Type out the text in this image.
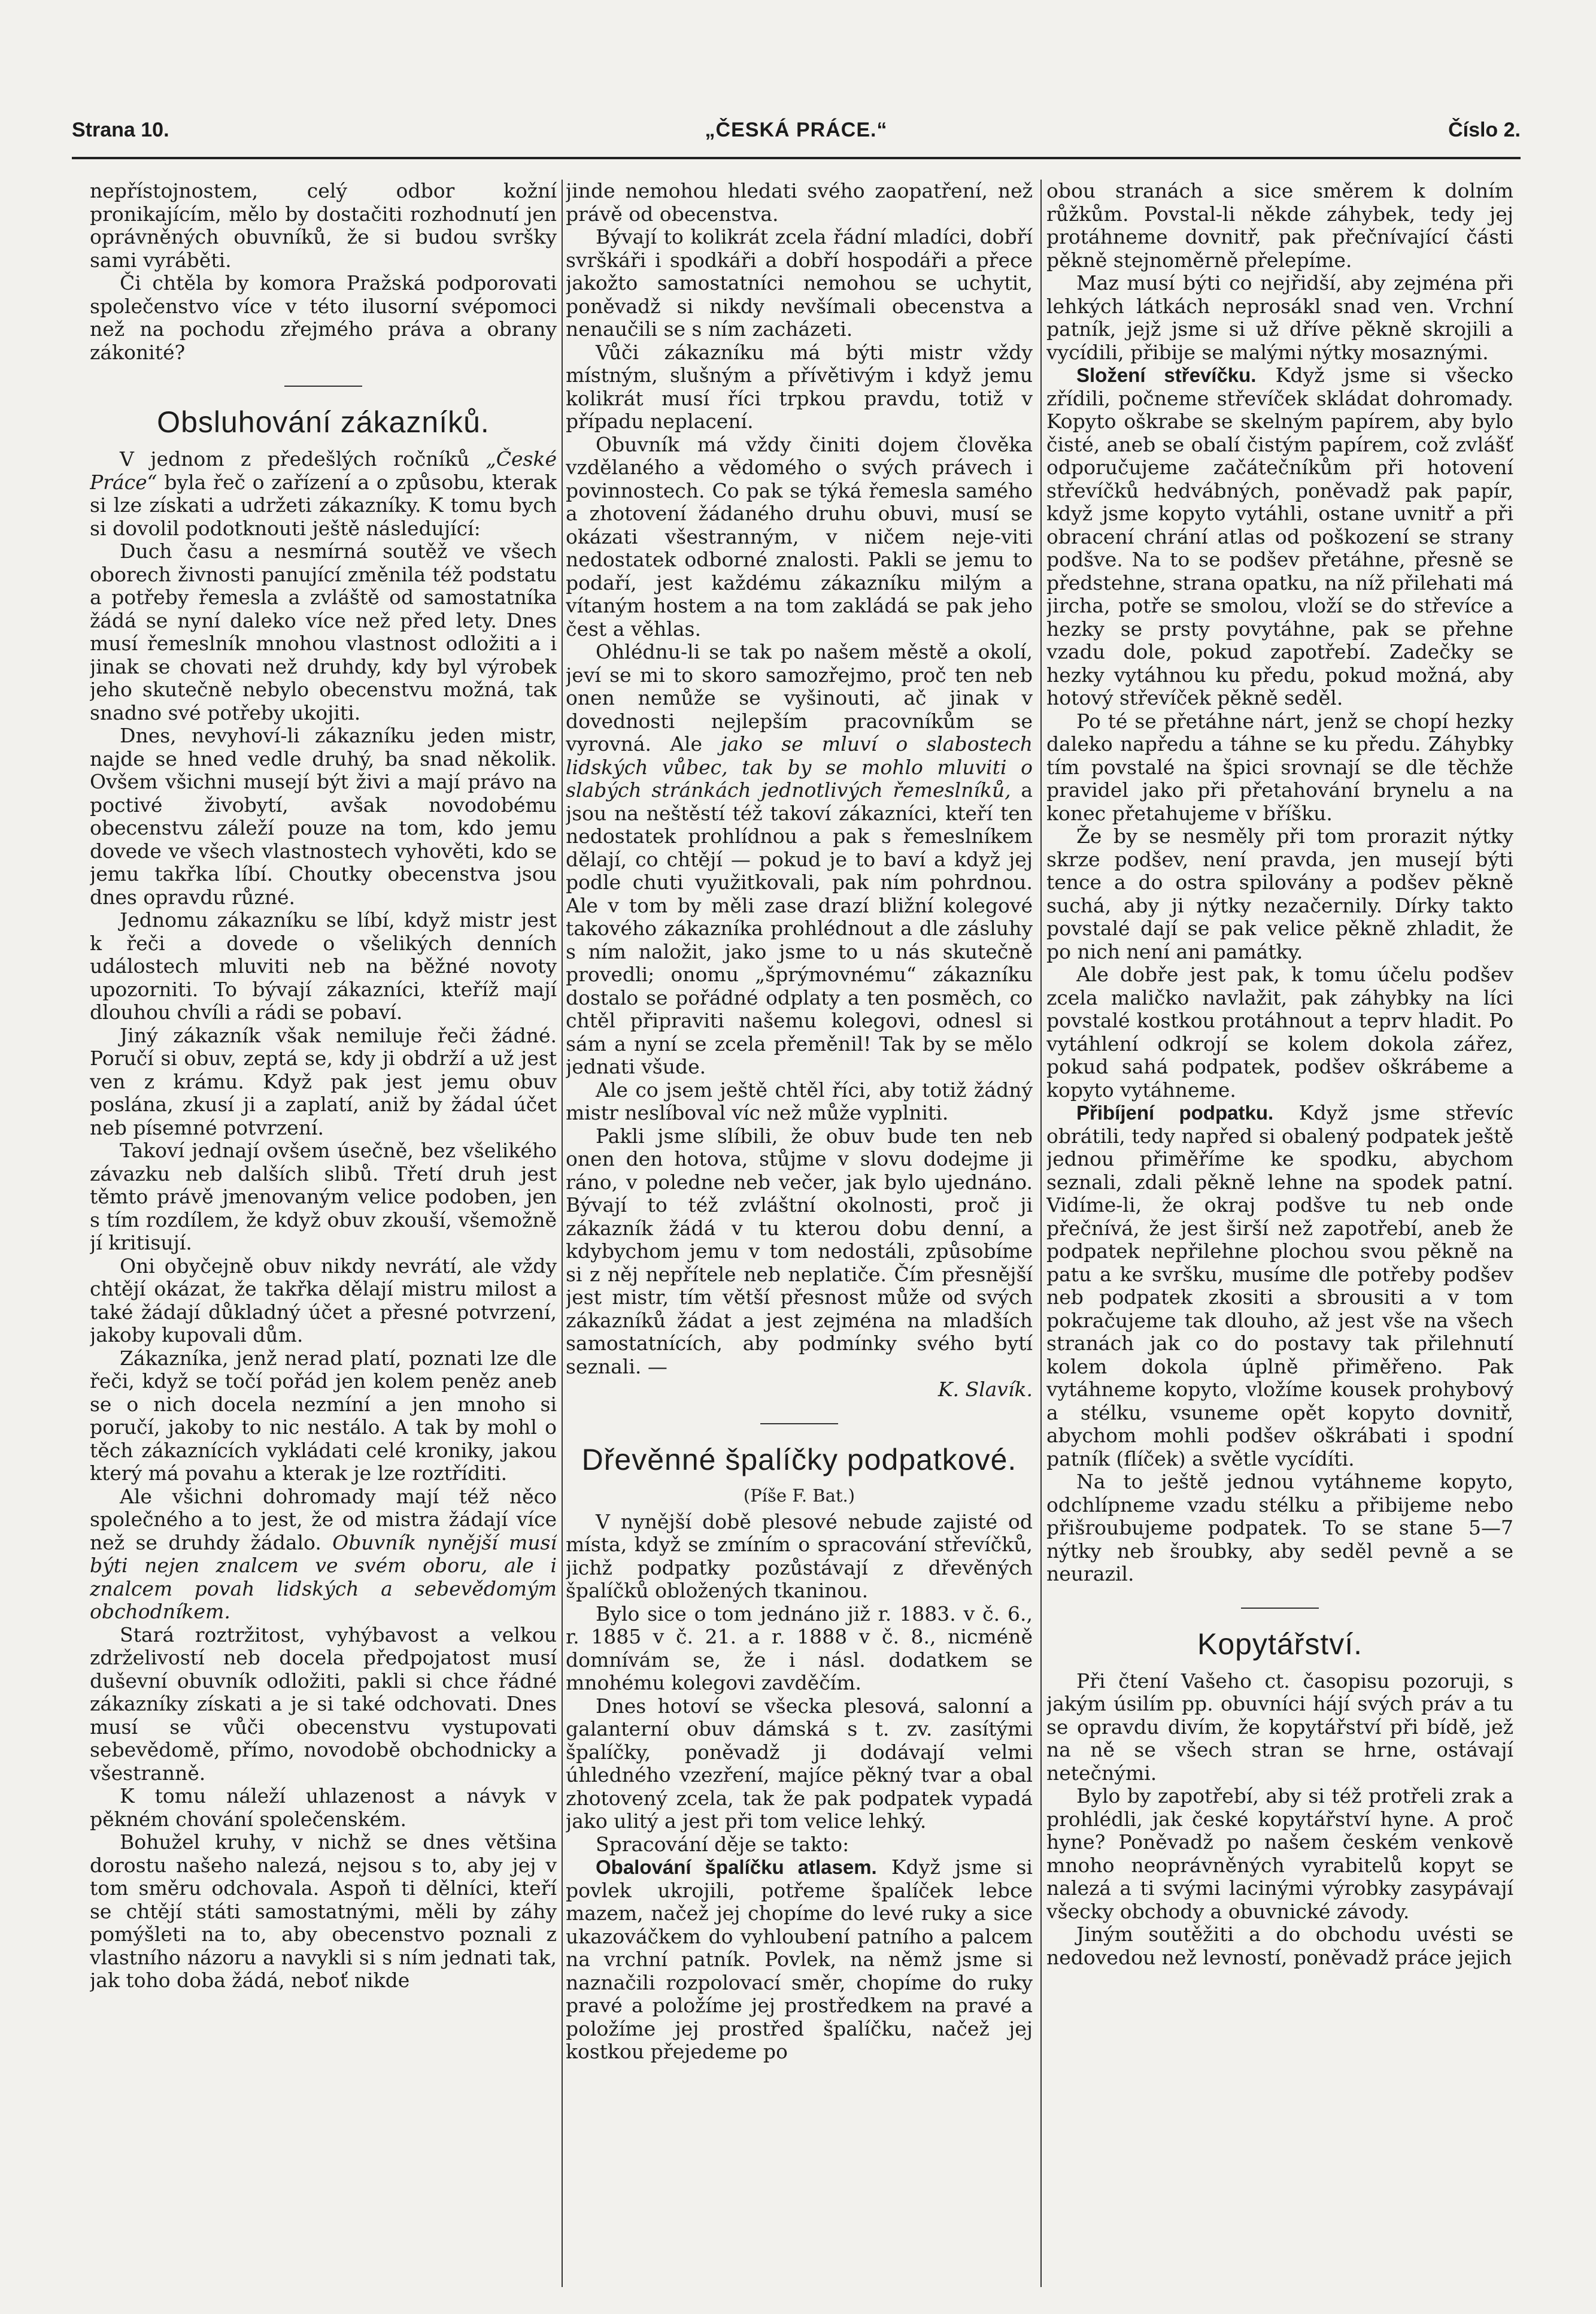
Strana 10.	„ČESKÁ PRÁCE.“	Číslo 2.

nepřístojnostem, celý odbor kožní pronikajícím, mělo by dostačiti rozhodnutí jen oprávněných obuvníků, že si budou svršky sami vyráběti.

Či chtěla by komora Pražská podporovati společenstvo více v této ilusorní svépomoci než na pochodu zřejmého práva a obrany zákonité?

Obsluhování zákazníků.

V jednom z předešlých ročníků „České Práce“ byla řeč o zařízení a o způsobu, kterak si lze získati a udržeti zákazníky. K tomu bych si dovolil podotknouti ještě následující:

Duch času a nesmírná soutěž ve všech oborech živnosti panující změnila též podstatu a potřeby řemesla a zvláště od samostatníka žádá se nyní daleko více než před lety. Dnes musí řemeslník mnohou vlastnost odložiti a i jinak se chovati než druhdy, kdy byl výrobek jeho skutečně nebylo obecenstvu možná, tak snadno své potřeby ukojiti.

Dnes, nevyhoví-li zákazníku jeden mistr, najde se hned vedle druhý, ba snad několik. Ovšem všichni musejí být živi a mají právo na poctivé živobytí, avšak novodobému obecenstvu záleží pouze na tom, kdo jemu dovede ve všech vlastnostech vyhověti, kdo se jemu takřka líbí. Choutky obecenstva jsou dnes opravdu různé.

Jednomu zákazníku se líbí, když mistr jest k řeči a dovede o všelikých denních událostech mluviti neb na běžné novoty upozorniti. To bývají zákazníci, kteříž mají dlouhou chvíli a rádi se pobaví.

Jiný zákazník však nemiluje řeči žádné. Poručí si obuv, zeptá se, kdy ji obdrží a už jest ven z krámu. Když pak jest jemu obuv poslána, zkusí ji a zaplatí, aniž by žádal účet neb písemné potvrzení.

Takoví jednají ovšem úsečně, bez všelikého závazku neb dalších slibů. Třetí druh jest těmto právě jmenovaným velice podoben, jen s tím rozdílem, že když obuv zkouší, všemožně jí kritisují.

Oni obyčejně obuv nikdy nevrátí, ale vždy chtějí okázat, že takřka dělají mistru milost a také žádají důkladný účet a přesné potvrzení, jakoby kupovali dům.

Zákazníka, jenž nerad platí, poznati lze dle řeči, když se točí pořád jen kolem peněz aneb se o nich docela nezmíní a jen mnoho si poručí, jakoby to nic nestálo. A tak by mohl o těch zákaznících vykládati celé kroniky, jakou který má povahu a kterak je lze roztříditi.

Ale všichni dohromady mají též něco společného a to jest, že od mistra žádají více než se druhdy žádalo. Obuvník nynější musí býti nejen znalcem ve svém oboru, ale i znalcem povah lidských a sebevědomým obchodníkem.

Stará roztržitost, vyhýbavost a velkou zdrželivostí neb docela předpojatost musí duševní obuvník odložiti, pakli si chce řádné zákazníky získati a je si také odchovati. Dnes musí se vůči obecenstvu vystupovati sebevědomě, přímo, novodobě obchodnicky a všestranně.

K tomu náleží uhlazenost a návyk v pěkném chování společenském.

Bohužel kruhy, v nichž se dnes většina dorostu našeho nalezá, nejsou s to, aby jej v tom směru odchovala. Aspoň ti dělníci, kteří se chtějí státi samostatnými, měli by záhy pomýšleti na to, aby obecenstvo poznali z vlastního názoru a navykli si s ním jednati tak, jak toho doba žádá, neboť nikde

jinde nemohou hledati svého zaopatření, než právě od obecenstva.

Bývají to kolikrát zcela řádní mladíci, dobří svrškáři i spodkáři a dobří hospodáři a přece jakožto samostatníci nemohou se uchytit, poněvadž si nikdy nevšímali obecenstva a nenaučili se s ním zacházeti.

Vůči zákazníku má býti mistr vždy místným, slušným a přívětivým i když jemu kolikrát musí říci trpkou pravdu, totiž v případu neplacení.

Obuvník má vždy činiti dojem člověka vzdělaného a vědomého o svých právech i povinnostech. Co pak se týká řemesla samého a zhotovení žádaného druhu obuvi, musí se okázati všestranným, v ničem neje-viti nedostatek odborné znalosti. Pakli se jemu to podaří, jest každému zákazníku milým a vítaným hostem a na tom zakládá se pak jeho čest a věhlas.

Ohlédnu-li se tak po našem městě a okolí, jeví se mi to skoro samozřejmo, proč ten neb onen nemůže se vyšinouti, ač jinak v dovednosti nejlepším pracovníkům se vyrovná. Ale jako se mluví o slabostech lidských vůbec, tak by se mohlo mluviti o slabých stránkách jednotlivých řemeslníků, a jsou na neštěstí též takoví zákazníci, kteří ten nedostatek prohlídnou a pak s řemeslníkem dělají, co chtějí — pokud je to baví a když jej podle chuti využitkovali, pak ním pohrdnou. Ale v tom by měli zase drazí bližní kolegové takového zákazníka prohlédnout a dle zásluhy s ním naložit, jako jsme to u nás skutečně provedli; onomu „šprýmovnému“ zákazníku dostalo se pořádné odplaty a ten posměch, co chtěl připraviti našemu kolegovi, odnesl si sám a nyní se zcela přeměnil! Tak by se mělo jednati všude.

Ale co jsem ještě chtěl říci, aby totiž žádný mistr neslíboval víc než může vyplniti.

Pakli jsme slíbili, že obuv bude ten neb onen den hotova, stůjme v slovu dodejme ji ráno, v poledne neb večer, jak bylo ujednáno. Bývají to též zvláštní okolnosti, proč ji zákazník žádá v tu kterou dobu denní, a kdybychom jemu v tom nedostáli, způsobíme si z něj nepřítele neb neplatiče. Čím přesnější jest mistr, tím větší přesnost může od svých zákazníků žádat a jest zejména na mladších samostatnících, aby podmínky svého bytí seznali. —

K. Slavík.
Dřevěnné špalíčky podpatkové.
(Píše F. Bat.)

V nynější době plesové nebude zajisté od místa, když se zmíním o spracování střevíčků, jichž podpatky pozůstávají z dřevěných špalíčků obložených tkaninou.

Bylo sice o tom jednáno již r. 1883. v č. 6., r. 1885 v č. 21. a r. 1888 v č. 8., nicméně domnívám se, že i násl. dodatkem se mnohému kolegovi zavděčím.

Dnes hotoví se všecka plesová, salonní a galanterní obuv dámská s t. zv. zasítými špalíčky, poněvadž ji dodávají velmi úhledného vzezření, majíce pěkný tvar a obal zhotovený zcela, tak že pak podpatek vypadá jako ulitý a jest při tom velice lehký.

Spracování děje se takto:

Obalování špalíčku atlasem. Když jsme si povlek ukrojili, potřeme špalíček lebce mazem, načež jej chopíme do levé ruky a sice ukazováčkem do vyhloubení patního a palcem na vrchní patník. Povlek, na němž jsme si naznačili rozpolovací směr, chopíme do ruky pravé a položíme jej prostředkem na pravé a položíme jej prostřed špalíčku, načež jej kostkou přejedeme po

obou stranách a sice směrem k dolním růžkům. Povstal-li někde záhybek, tedy jej protáhneme dovnitř, pak přečnívající části pěkně stejnoměrně přelepíme.

Maz musí býti co nejřidší, aby zejména při lehkých látkách neprosákl snad ven. Vrchní patník, jejž jsme si už dříve pěkně skrojili a vycídili, přibije se malými nýtky mosaznými.

Složení střevíčku. Když jsme si všecko zřídili, počneme střevíček skládat dohromady. Kopyto oškrabe se skelným papírem, aby bylo čisté, aneb se obalí čistým papírem, což zvlášť odporučujeme začátečníkům při hotovení střevíčků hedvábných, poněvadž pak papír, když jsme kopyto vytáhli, ostane uvnitř a při obracení chrání atlas od poškození se strany podšve. Na to se podšev přetáhne, přesně se předstehne, strana opatku, na níž přilehati má jircha, potře se smolou, vloží se do střevíce a hezky se prsty povytáhne, pak se přehne vzadu dole, pokud zapotřebí. Zadečky se hezky vytáhnou ku předu, pokud možná, aby hotový střevíček pěkně seděl.

Po té se přetáhne nárt, jenž se chopí hezky daleko napředu a táhne se ku předu. Záhybky tím povstalé na špici srovnají se dle těchže pravidel jako při přetahování brynelu a na konec přetahujeme v bříšku.

Že by se nesměly při tom prorazit nýtky skrze podšev, není pravda, jen musejí býti tence a do ostra spilovány a podšev pěkně suchá, aby ji nýtky nezačernily. Dírky takto povstalé dají se pak velice pěkně zhladit, že po nich není ani památky.

Ale dobře jest pak, k tomu účelu podšev zcela maličko navlažit, pak záhybky na líci povstalé kostkou protáhnout a teprv hladit. Po vytáhlení odkrojí se kolem dokola zářez, pokud sahá podpatek, podšev oškrábeme a kopyto vytáhneme.

Přibíjení podpatku. Když jsme střevíc obrátili, tedy napřed si obalený podpatek ještě jednou přiměříme ke spodku, abychom seznali, zdali pěkně lehne na spodek patní. Vidíme-li, že okraj podšve tu neb onde přečnívá, že jest širší než zapotřebí, aneb že podpatek nepřilehne plochou svou pěkně na patu a ke svršku, musíme dle potřeby podšev neb podpatek zkositi a sbrousiti a v tom pokračujeme tak dlouho, až jest vše na všech stranách jak co do postavy tak přilehnutí kolem dokola úplně přiměřeno. Pak vytáhneme kopyto, vložíme kousek prohybový a stélku, vsuneme opět kopyto dovnitř, abychom mohli podšev oškrábati i spodní patník (flíček) a světle vycídíti.

Na to ještě jednou vytáhneme kopyto, odchlípneme vzadu stélku a přibijeme nebo přišroubujeme podpatek. To se stane 5—7 nýtky neb šroubky, aby seděl pevně a se neurazil.

Kopytářství.

Při čtení Vašeho ct. časopisu pozoruji, s jakým úsilím pp. obuvníci hájí svých práv a tu se opravdu divím, že kopytářství při bídě, jež na ně se všech stran se hrne, ostávají netečnými.

Bylo by zapotřebí, aby si též protřeli zrak a prohlédli, jak české kopytářství hyne. A proč hyne? Poněvadž po našem českém venkově mnoho neoprávněných vyrabitelů kopyt se nalezá a ti svými lacinými výrobky zasypávají všecky obchody a obuvnické závody.

Jiným soutěžiti a do obchodu uvésti se nedovedou než levností, poněvadž práce jejich
